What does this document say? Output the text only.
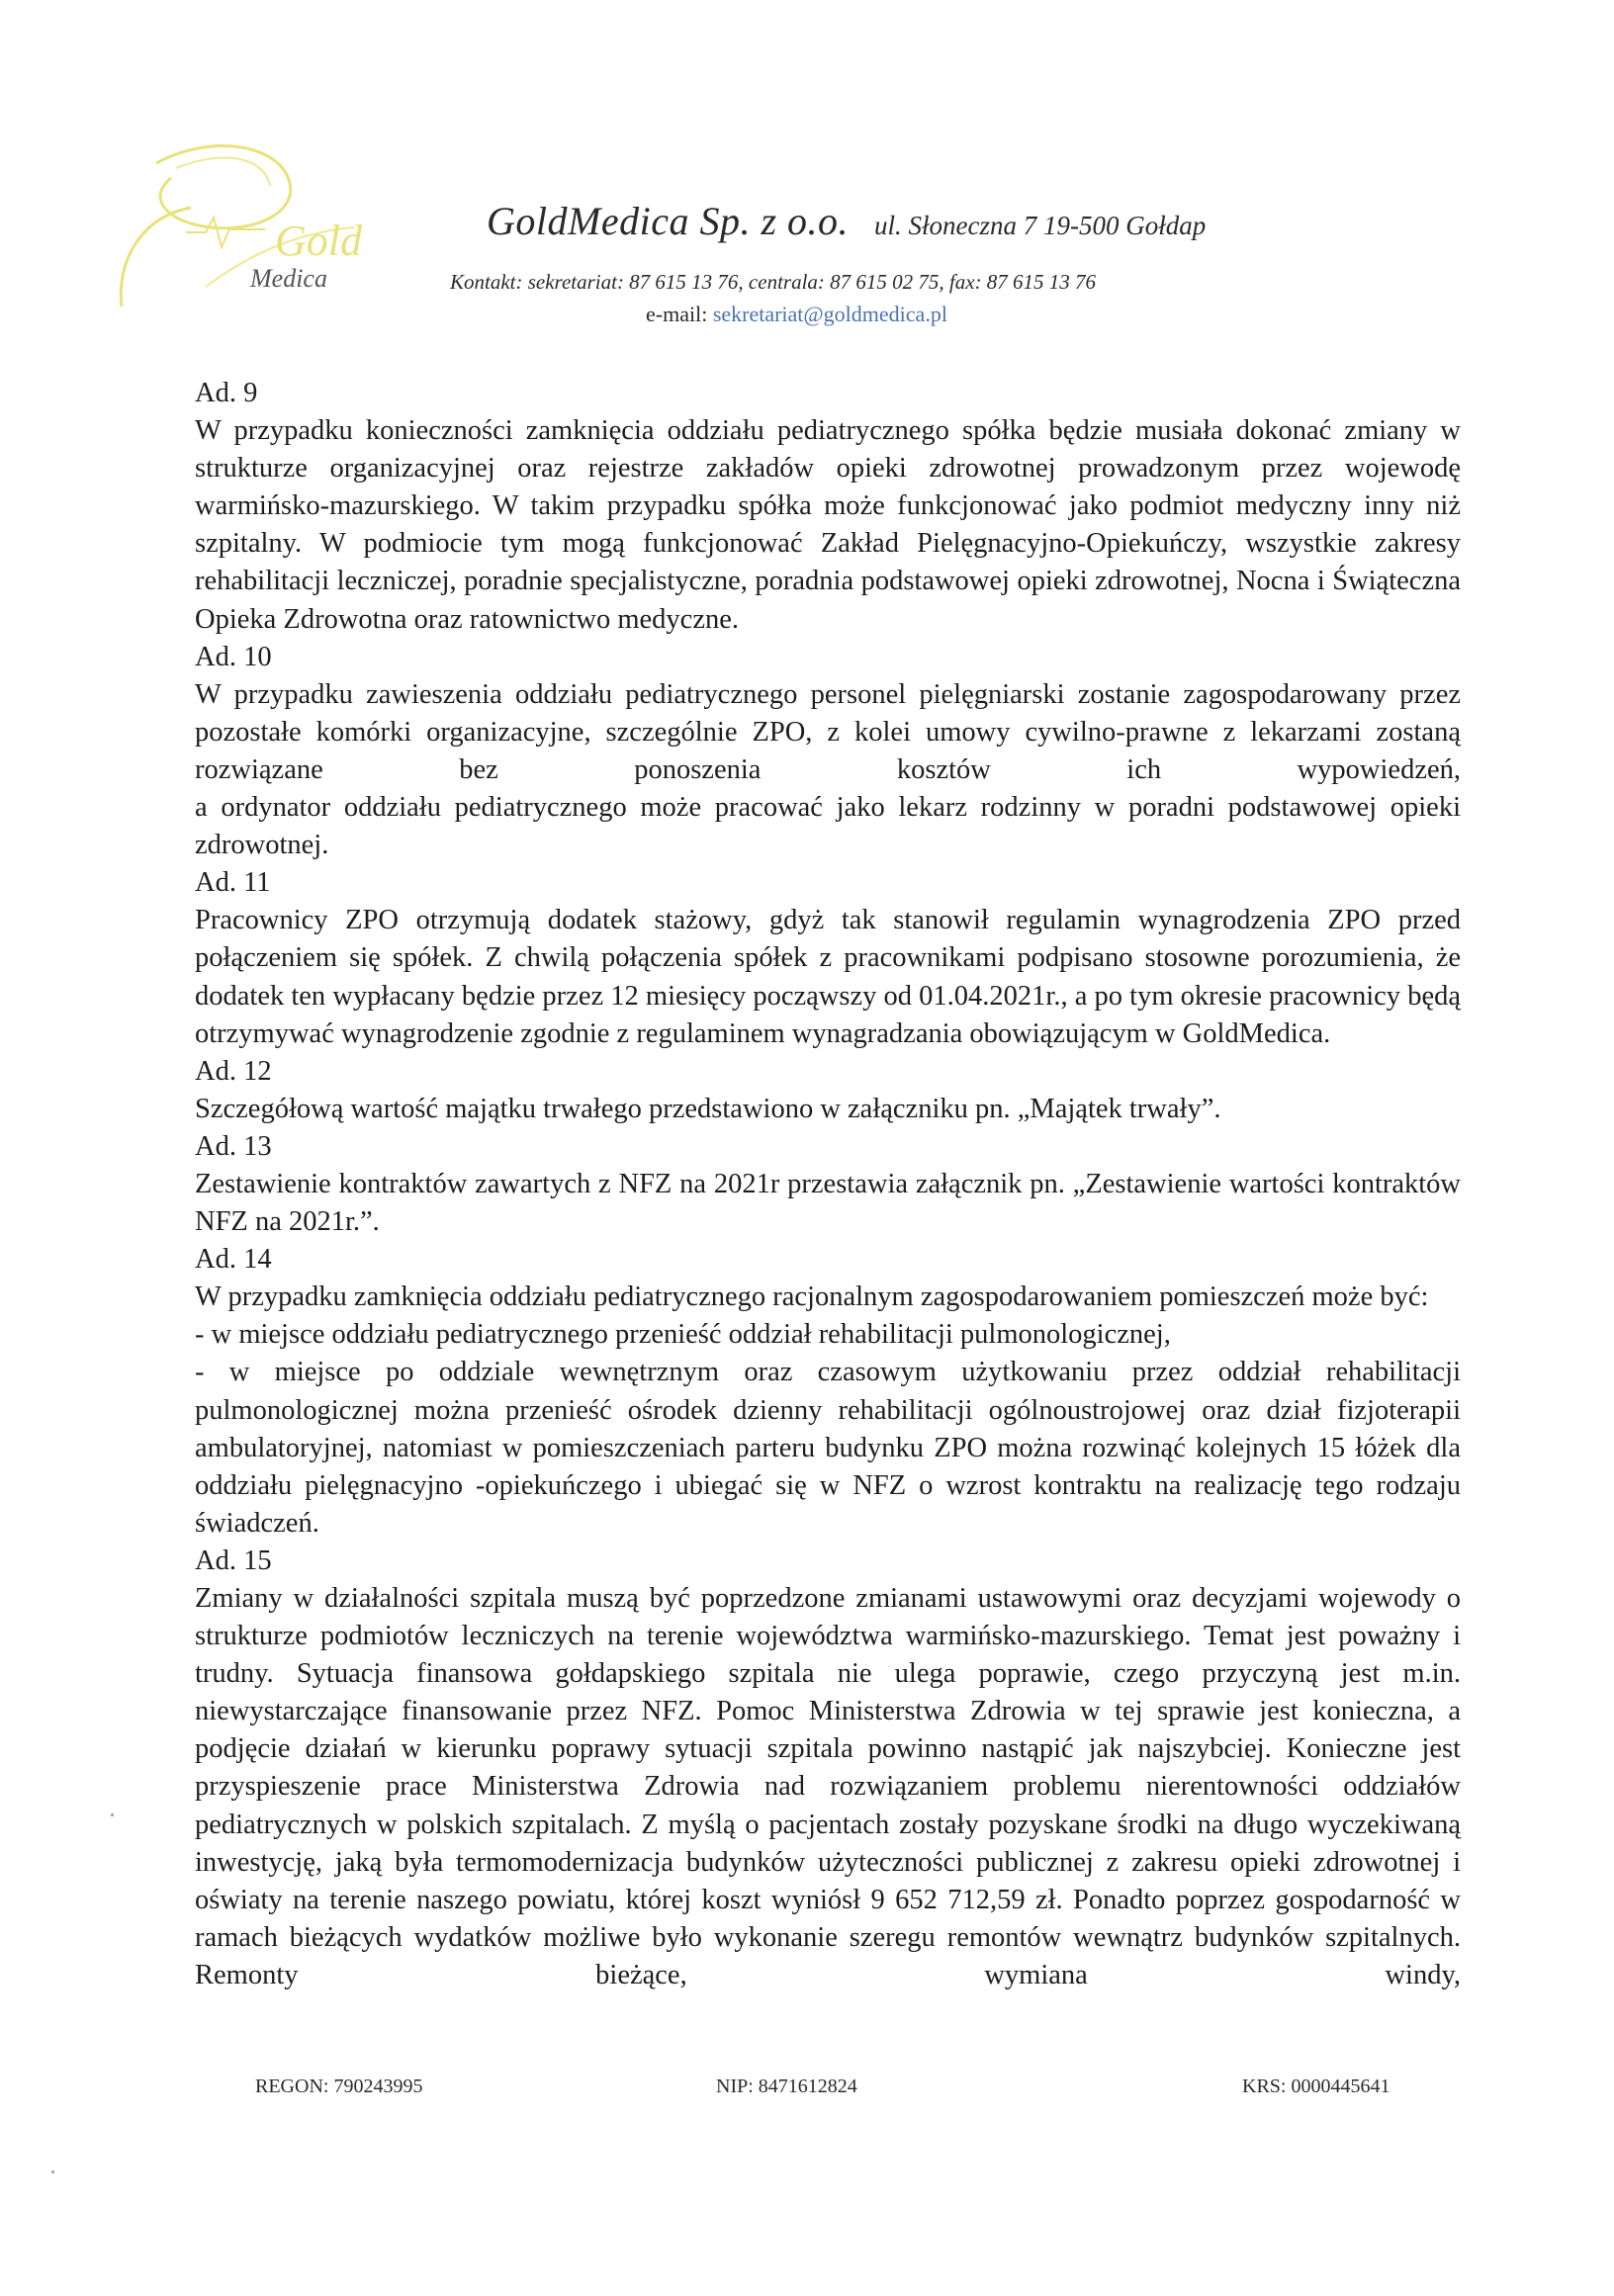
Gold
Medica
GoldMedica Sp. z o.o. ul. Słoneczna 7 19-500 Gołdap
Kontakt: sekretariat: 87 615 13 76, centrala: 87 615 02 75, fax: 87 615 13 76
e-mail: sekretariat@goldmedica.pl

Ad. 9

W przypadku konieczności zamknięcia oddziału pediatrycznego spółka będzie musiała dokonać zmiany w strukturze organizacyjnej oraz rejestrze zakładów opieki zdrowotnej prowadzonym przez wojewodę warmińsko-mazurskiego. W takim przypadku spółka może funkcjonować jako podmiot medyczny inny niż szpitalny. W podmiocie tym mogą funkcjonować Zakład Pielęgnacyjno-Opiekuńczy, wszystkie zakresy rehabilitacji leczniczej, poradnie specjalistyczne, poradnia podstawowej opieki zdrowotnej, Nocna i Świąteczna Opieka Zdrowotna oraz ratownictwo medyczne.

Ad. 10

W przypadku zawieszenia oddziału pediatrycznego personel pielęgniarski zostanie zagospodarowany przez pozostałe komórki organizacyjne, szczególnie ZPO, z kolei umowy cywilno-prawne z lekarzami zostaną rozwiązane bez ponoszenia kosztów ich wypowiedzeń,

a ordynator oddziału pediatrycznego może pracować jako lekarz rodzinny w poradni podstawowej opieki zdrowotnej.

Ad. 11

Pracownicy ZPO otrzymują dodatek stażowy, gdyż tak stanowił regulamin wynagrodzenia ZPO przed połączeniem się spółek. Z chwilą połączenia spółek z pracownikami podpisano stosowne porozumienia, że dodatek ten wypłacany będzie przez 12 miesięcy począwszy od 01.04.2021r., a po tym okresie pracownicy będą otrzymywać wynagrodzenie zgodnie z regulaminem wynagradzania obowiązującym w GoldMedica.

Ad. 12

Szczegółową wartość majątku trwałego przedstawiono w załączniku pn. „Majątek trwały”.

Ad. 13

Zestawienie kontraktów zawartych z NFZ na 2021r przestawia załącznik pn. „Zestawienie wartości kontraktów NFZ na 2021r.”.

Ad. 14

W przypadku zamknięcia oddziału pediatrycznego racjonalnym zagospodarowaniem pomieszczeń może być:

- w miejsce oddziału pediatrycznego przenieść oddział rehabilitacji pulmonologicznej,

- w miejsce po oddziale wewnętrznym oraz czasowym użytkowaniu przez oddział rehabilitacji pulmonologicznej można przenieść ośrodek dzienny rehabilitacji ogólnoustrojowej oraz dział fizjoterapii ambulatoryjnej, natomiast w pomieszczeniach parteru budynku ZPO można rozwinąć kolejnych 15 łóżek dla oddziału pielęgnacyjno -opiekuńczego i ubiegać się w NFZ o wzrost kontraktu na realizację tego rodzaju świadczeń.

Ad. 15

Zmiany w działalności szpitala muszą być poprzedzone zmianami ustawowymi oraz decyzjami wojewody o strukturze podmiotów leczniczych na terenie województwa warmińsko-mazurskiego. Temat jest poważny i trudny. Sytuacja finansowa gołdapskiego szpitala nie ulega poprawie, czego przyczyną jest m.in. niewystarczające finansowanie przez NFZ. Pomoc Ministerstwa Zdrowia w tej sprawie jest konieczna, a podjęcie działań w kierunku poprawy sytuacji szpitala powinno nastąpić jak najszybciej. Konieczne jest przyspieszenie prace Ministerstwa Zdrowia nad rozwiązaniem problemu nierentowności oddziałów pediatrycznych w polskich szpitalach. Z myślą o pacjentach zostały pozyskane środki na długo wyczekiwaną inwestycję, jaką była termomodernizacja budynków użyteczności publicznej z zakresu opieki zdrowotnej i oświaty na terenie naszego powiatu, której koszt wyniósł 9 652 712,59 zł. Ponadto poprzez gospodarność w ramach bieżących wydatków możliwe było wykonanie szeregu remontów wewnątrz budynków szpitalnych. Remonty bieżące, wymiana windy,

REGON: 790243995	NIP: 8471612824	KRS: 0000445641
